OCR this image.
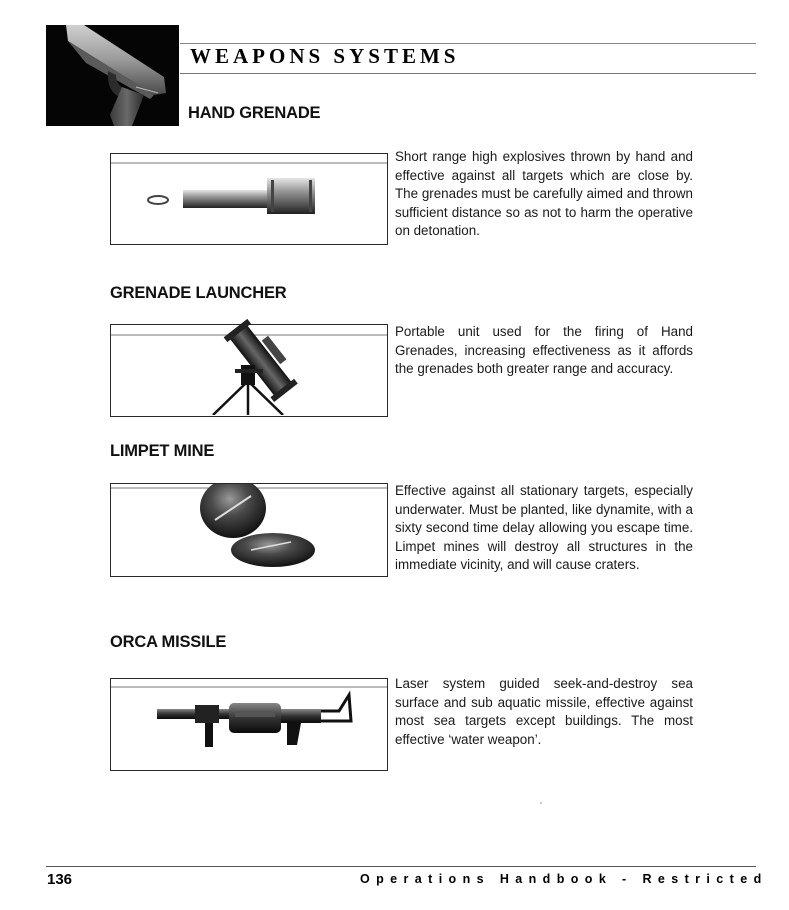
WEAPONS SYSTEMS
HAND GRENADE
Short range high explosives thrown by hand and effective against all targets which are close by. The grenades must be carefully aimed and thrown sufficient distance so as not to harm the operative on detonation.
GRENADE LAUNCHER
Portable unit used for the firing of Hand Grenades, increasing effectiveness as it affords the grenades both greater range and accuracy.
LIMPET MINE
Effective against all stationary targets, especially underwater. Must be planted, like dynamite, with a sixty second time delay allowing you escape time. Limpet mines will destroy all structures in the immediate vicinity, and will cause craters.
ORCA MISSILE
Laser system guided seek-and-destroy sea surface and sub aquatic missile, effective against most sea targets except buildings. The most effective ‘water weapon’.
136	Operations Handbook - Restricted
